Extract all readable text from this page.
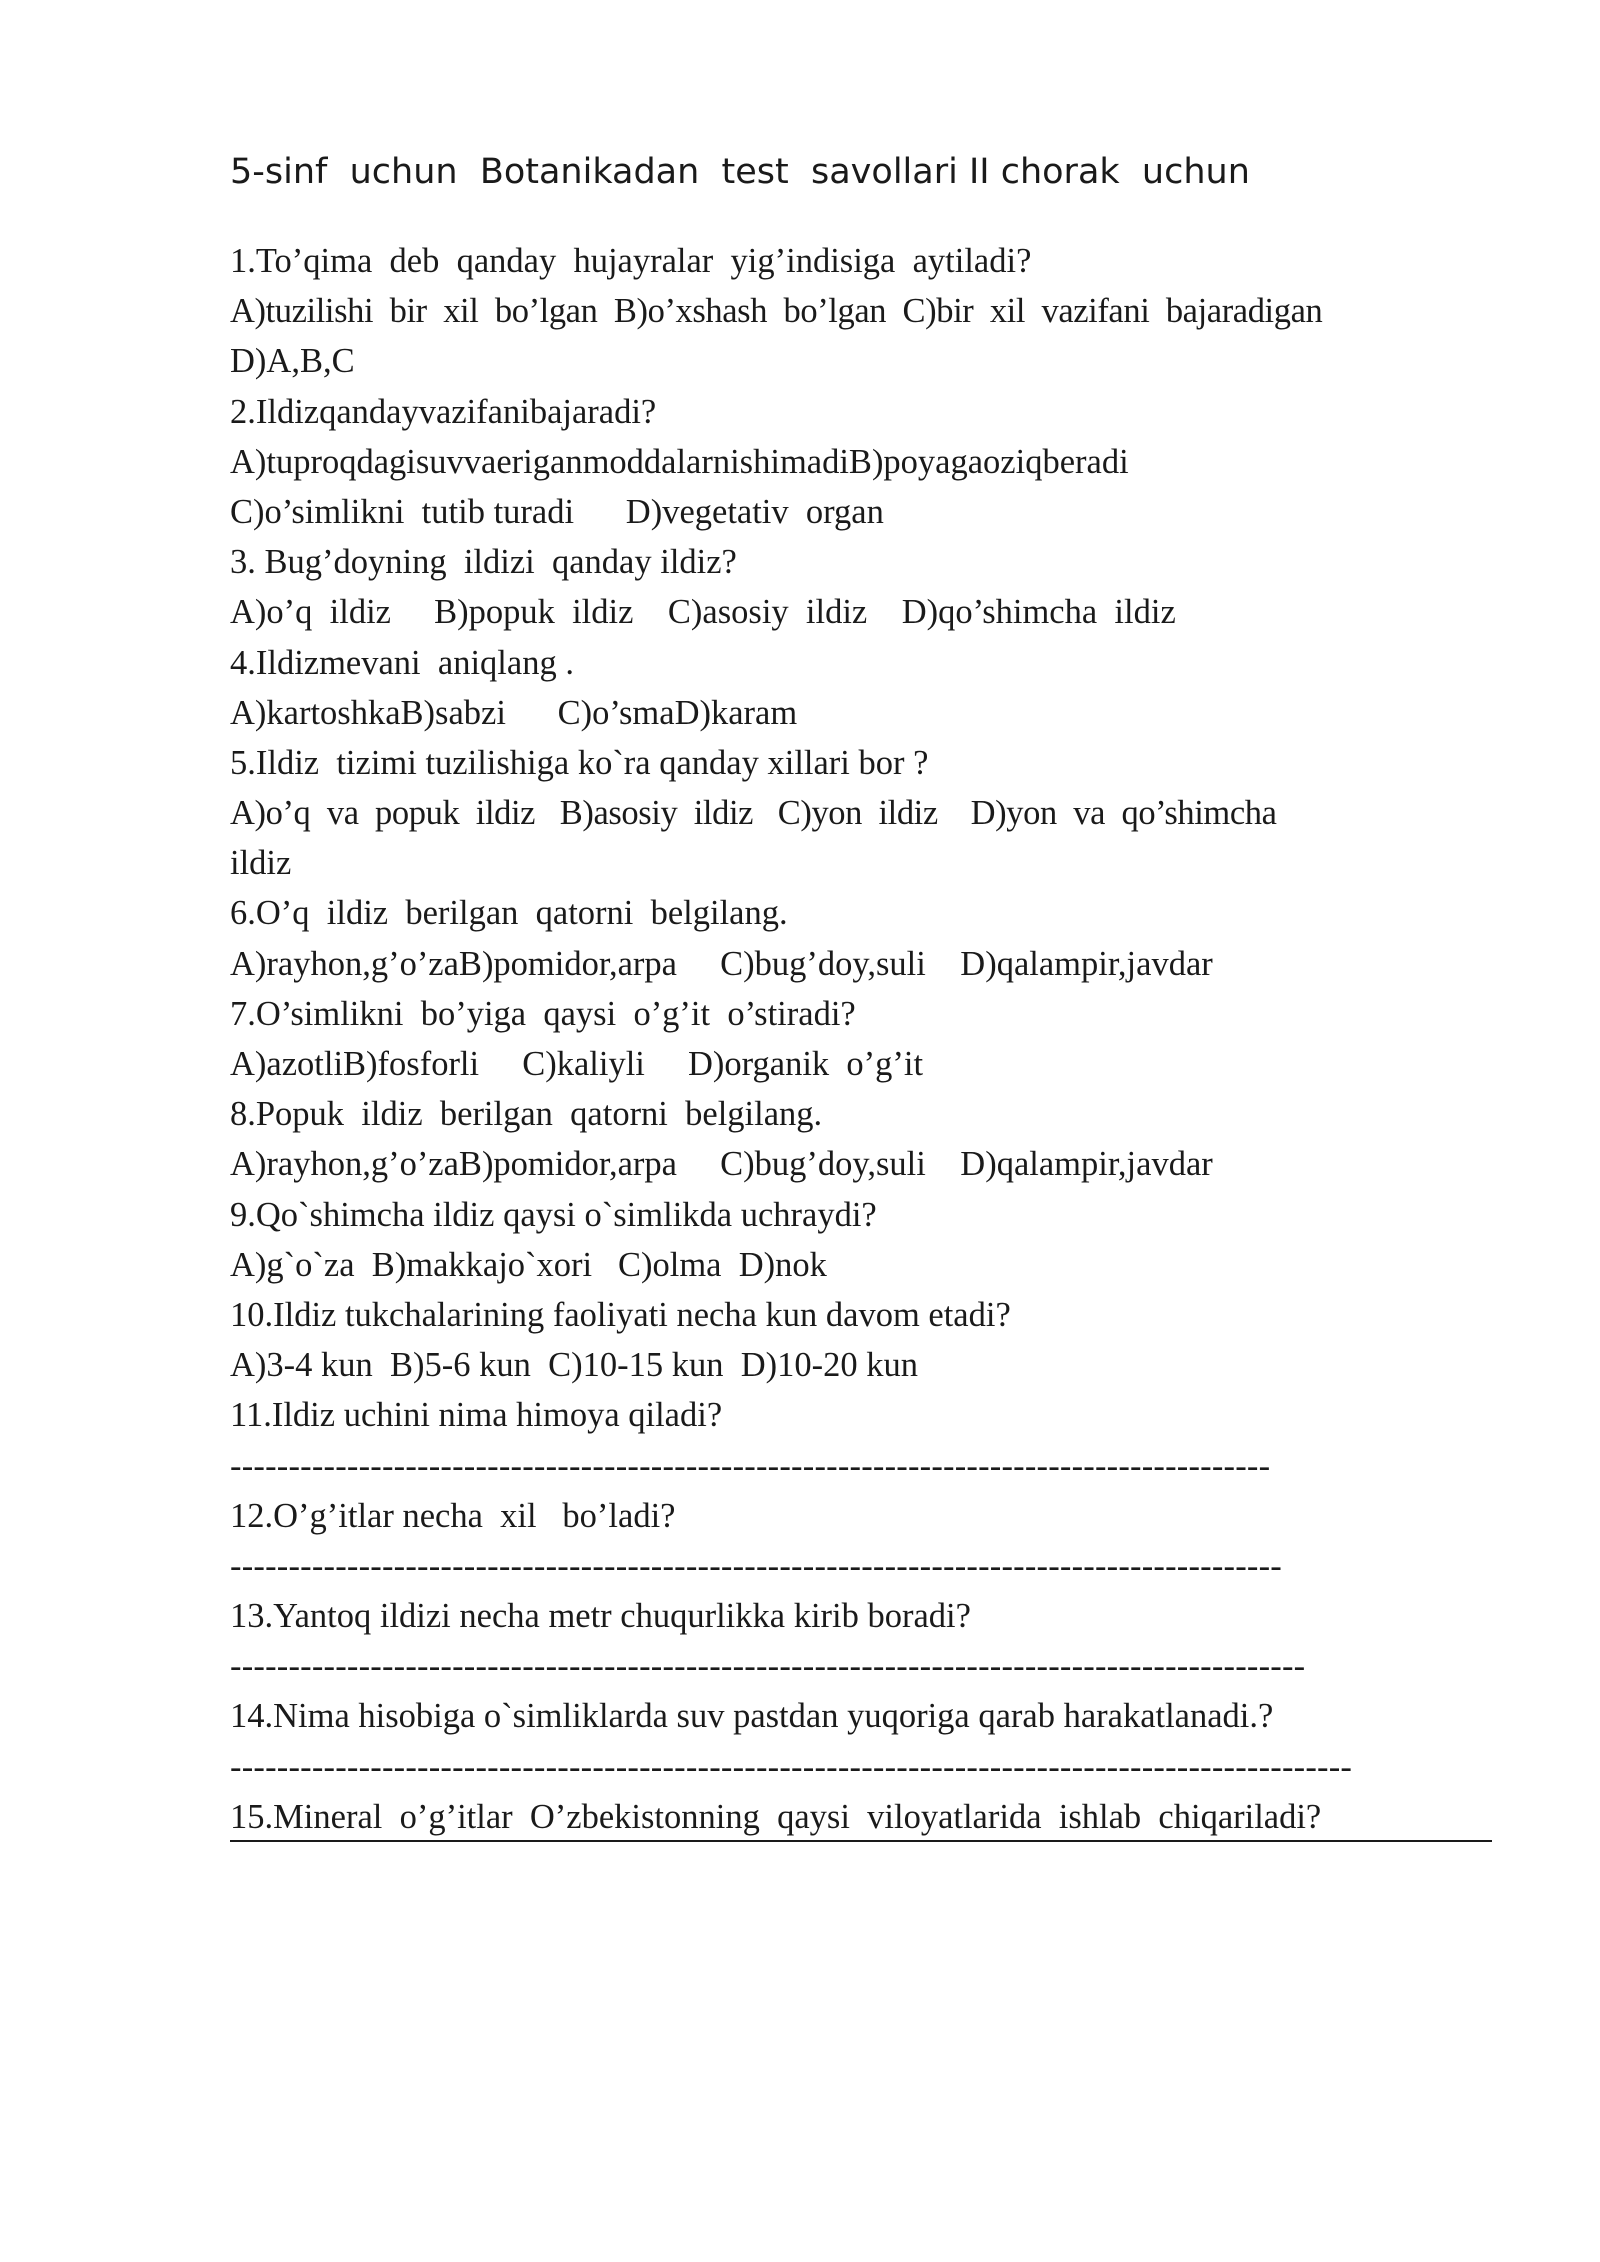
5-sinf  uchun  Botanikadan  test  savollari II chorak  uchun
1.To’qima  deb  qanday  hujayralar  yig’indisiga  aytiladi?
A)tuzilishi  bir  xil  bo’lgan  B)o’xshash  bo’lgan  C)bir  xil  vazifani  bajaradigan
D)A,B,C
2.Ildizqandayvazifanibajaradi?
A)tuproqdagisuvvaeriganmoddalarnishimadiB)poyagaoziqberadi
C)o’simlikni  tutib turadi      D)vegetativ  organ
3. Bug’doyning  ildizi  qanday ildiz?
A)o’q  ildiz     B)popuk  ildiz    C)asosiy  ildiz    D)qo’shimcha  ildiz
4.Ildizmevani  aniqlang .
A)kartoshkaB)sabzi      C)o’smaD)karam
5.Ildiz  tizimi tuzilishiga ko`ra qanday xillari bor ?
A)o’q  va  popuk  ildiz   B)asosiy  ildiz   C)yon  ildiz    D)yon  va  qo’shimcha
ildiz
6.O’q  ildiz  berilgan  qatorni  belgilang.
A)rayhon,g’o’zaB)pomidor,arpa     C)bug’doy,suli    D)qalampir,javdar
7.O’simlikni  bo’yiga  qaysi  o’g’it  o’stiradi?
A)azotliB)fosforli     C)kaliyli     D)organik  o’g’it
8.Popuk  ildiz  berilgan  qatorni  belgilang.
A)rayhon,g’o’zaB)pomidor,arpa     C)bug’doy,suli    D)qalampir,javdar
9.Qo`shimcha ildiz qaysi o`simlikda uchraydi?
A)g`o`za  B)makkajo`xori   C)olma  D)nok
10.Ildiz tukchalarining faoliyati necha kun davom etadi?
A)3-4 kun  B)5-6 kun  C)10-15 kun  D)10-20 kun
11.Ildiz uchini nima himoya qiladi?
-----------------------------------------------------------------------------------------
12.O’g’itlar necha  xil   bo’ladi?
------------------------------------------------------------------------------------------
13.Yantoq ildizi necha metr chuqurlikka kirib boradi?
--------------------------------------------------------------------------------------------
14.Nima hisobiga o`simliklarda suv pastdan yuqoriga qarab harakatlanadi.?
------------------------------------------------------------------------------------------------
15.Mineral  o’g’itlar  O’zbekistonning  qaysi  viloyatlarida  ishlab  chiqariladi?
